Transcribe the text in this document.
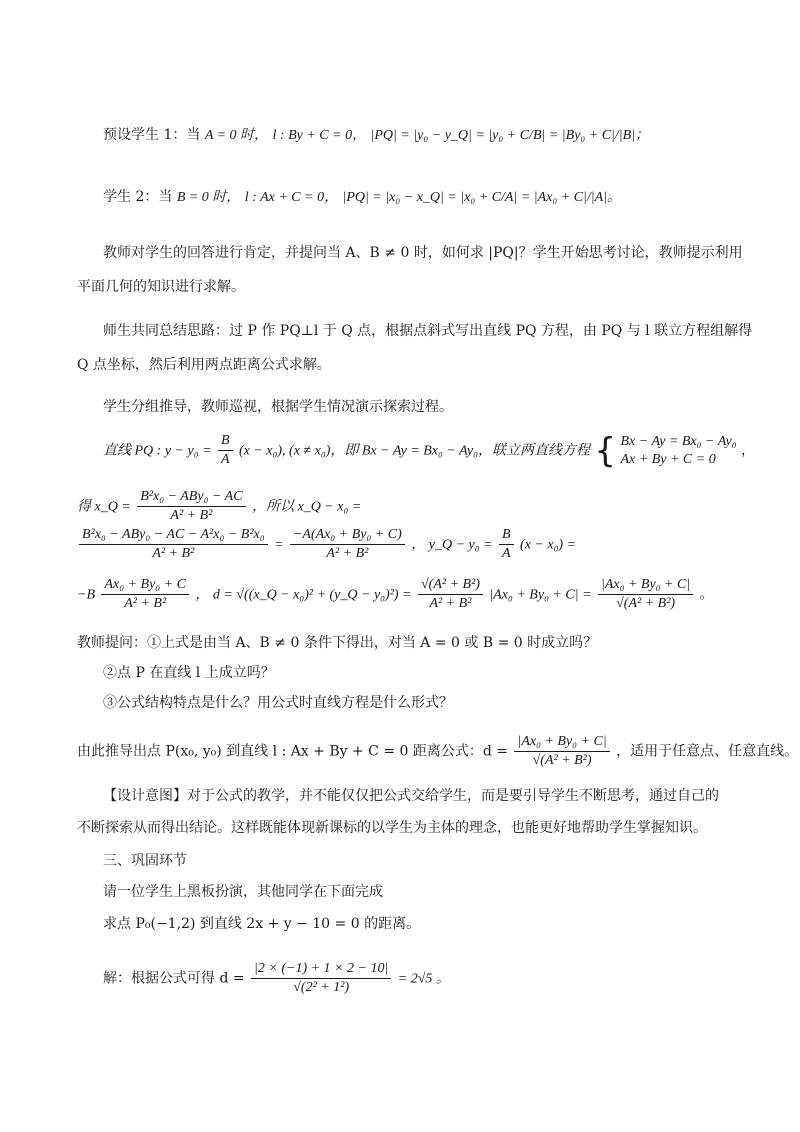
预设学生 1：当 A = 0 时， l : By + C = 0， |PQ| = |y₀ − y_Q| = |y₀ + C/B| = |By₀ + C|/|B|；
学生 2：当 B = 0 时， l : Ax + C = 0， |PQ| = |x₀ − x_Q| = |x₀ + C/A| = |Ax₀ + C|/|A|。
教师对学生的回答进行肯定，并提问当 A、B ≠ 0 时，如何求 |PQ|？学生开始思考讨论，教师提示利用
平面几何的知识进行求解。
师生共同总结思路：过 P 作 PQ⊥l 于 Q 点，根据点斜式写出直线 PQ 方程，由 PQ 与 l 联立方程组解得
Q 点坐标，然后利用两点距离公式求解。
学生分组推导，教师巡视，根据学生情况演示探索过程。
直线 PQ : $y - y_0 = \frac{B}{A} (x - x_0)$, (x ≠ x₀)，即 Bx − Ay = Bx₀ − Ay₀，联立两直线方程 { Bx − Ay = Bx₀ − Ay₀
Ax + By + C = 0
，
得 x_Q = $\frac{\text{B²x₀ − ABy₀ − AC}}{\text{A² + B²}}$ ，所以 x_Q − x₀ =
$\frac{\text{B²x₀ − ABy₀ − AC − A²x₀ − B²x₀}}{\text{A² + B²}} = \frac{\text{−A(Ax₀ + By₀ + C)}}{\text{A² + B²}}$ ， y_Q − $y_0 = \frac{B}{A} (x - x_0)$ =
$-B \frac{\text{Ax₀ + By₀ + C}}{\text{A² + B²}}$ ， d = √((x_Q − x₀)² + (y_Q − $y_0)^2) = \frac{\text{√(A² + B²)}}{\text{A² + B²}} |Ax_0 + By_0 + C| = \frac{\text{|Ax₀ + By₀ + C|}}{\text{√(A² + B²)}}$ 。
教师提问：①上式是由当 A、B ≠ 0 条件下得出，对当 A = 0 或 B = 0 时成立吗？
②点 P 在直线 l 上成立吗？
③公式结构特点是什么？用公式时直线方程是什么形式？
由此推导出点 P(x₀, y₀) 到直线 l : Ax + By + C = 0 距离公式：$d = \frac{\text{|Ax₀ + By₀ + C|}}{\text{√(A² + B²)}}$ ，适用于任意点、任意直线。
【设计意图】对于公式的教学，并不能仅仅把公式交给学生，而是要引导学生不断思考，通过自己的
不断探索从而得出结论。这样既能体现新课标的以学生为主体的理念，也能更好地帮助学生掌握知识。
三、巩固环节
请一位学生上黑板扮演，其他同学在下面完成
求点 P₀(−1,2) 到直线 2x + y − 10 = 0 的距离。
解：根据公式可得 $d = \frac{|2 \times (-1) + 1 \times 2 - 10|}{\text{√(2² + 1²)}} = 2√5$ 。
